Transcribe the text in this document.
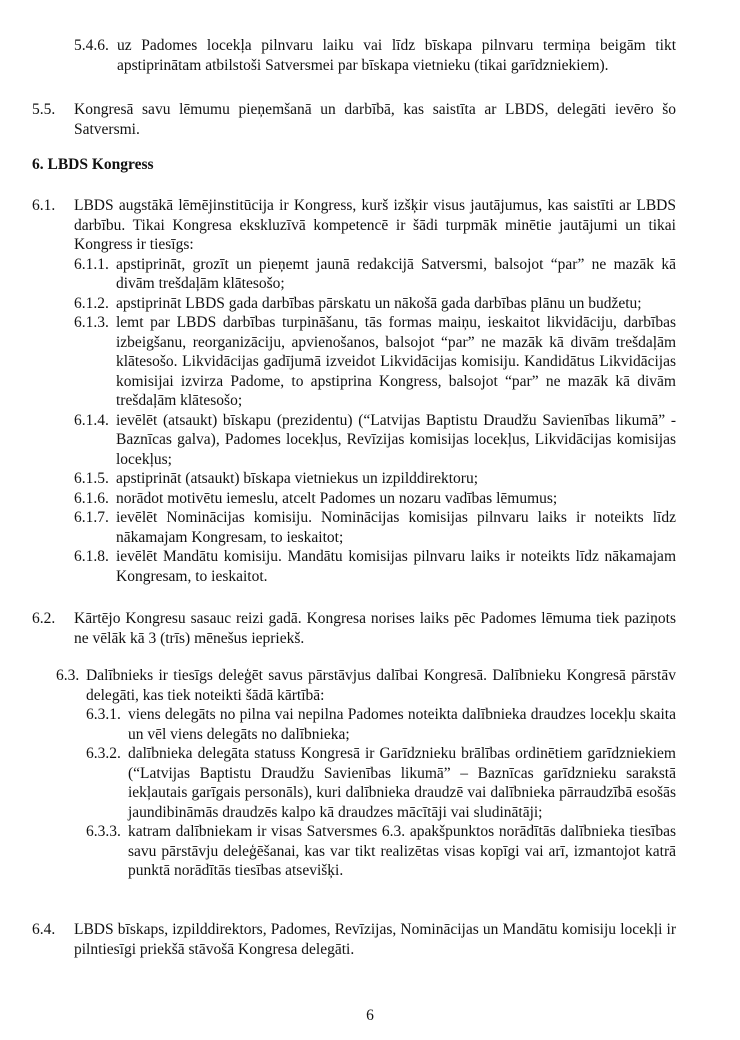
5.4.6. uz Padomes locekļa pilnvaru laiku vai līdz bīskapa pilnvaru termiņa beigām tikt apstiprinātam atbilstoši Satversmei par bīskapa vietnieku (tikai garīdzniekiem).
5.5. Kongresā savu lēmumu pieņemšanā un darbībā, kas saistīta ar LBDS, delegāti ievēro šo Satversmi.
6. LBDS Kongress
6.1. LBDS augstākā lēmējinstitūcija ir Kongress, kurš izšķir visus jautājumus, kas saistīti ar LBDS darbību. Tikai Kongresa ekskluzīvā kompetencē ir šādi turpmāk minētie jautājumi un tikai Kongress ir tiesīgs:
6.1.1. apstiprināt, grozīt un pieņemt jaunā redakcijā Satversmi, balsojot “par” ne mazāk kā divām trešdaļām klātesošo;
6.1.2. apstiprināt LBDS gada darbības pārskatu un nākošā gada darbības plānu un budžetu;
6.1.3. lemt par LBDS darbības turpināšanu, tās formas maiņu, ieskaitot likvidāciju, darbības izbeigšanu, reorganizāciju, apvienošanos, balsojot “par” ne mazāk kā divām trešdaļām klātesošo. Likvidācijas gadījumā izveidot Likvidācijas komisiju. Kandidātus Likvidācijas komisijai izvirza Padome, to apstiprina Kongress, balsojot “par” ne mazāk kā divām trešdaļām klātesošo;
6.1.4. ievēlēt (atsaukt) bīskapu (prezidentu) (“Latvijas Baptistu Draudžu Savienības likumā” - Baznīcas galva), Padomes locekļus, Revīzijas komisijas locekļus, Likvidācijas komisijas locekļus;
6.1.5. apstiprināt (atsaukt) bīskapa vietniekus un izpilddirektoru;
6.1.6. norādot motivētu iemeslu, atcelt Padomes un nozaru vadības lēmumus;
6.1.7. ievēlēt Nominācijas komisiju. Nominācijas komisijas pilnvaru laiks ir noteikts līdz nākamajam Kongresam, to ieskaitot;
6.1.8. ievēlēt Mandātu komisiju. Mandātu komisijas pilnvaru laiks ir noteikts līdz nākamajam Kongresam, to ieskaitot.
6.2. Kārtējo Kongresu sasauc reizi gadā. Kongresa norises laiks pēc Padomes lēmuma tiek paziņots ne vēlāk kā 3 (trīs) mēnešus iepriekš.
6.3. Dalībnieks ir tiesīgs deleģēt savus pārstāvjus dalībai Kongresā. Dalībnieku Kongresā pārstāv delegāti, kas tiek noteikti šādā kārtībā:
6.3.1. viens delegāts no pilna vai nepilna Padomes noteikta dalībnieka draudzes locekļu skaita un vēl viens delegāts no dalībnieka;
6.3.2. dalībnieka delegāta statuss Kongresā ir Garīdznieku brālības ordinētiem garīdzniekiem (“Latvijas Baptistu Draudžu Savienības likumā” – Baznīcas garīdznieku sarakstā iekļautais garīgais personāls), kuri dalībnieka draudzē vai dalībnieka pārraudzībā esošās jaundibināmās draudzēs kalpo kā draudzes mācītāji vai sludinātāji;
6.3.3. katram dalībniekam ir visas Satversmes 6.3. apakšpunktos norādītās dalībnieka tiesības savu pārstāvju deleģēšanai, kas var tikt realizētas visas kopīgi vai arī, izmantojot katrā punktā norādītās tiesības atsevišķi.
6.4. LBDS bīskaps, izpilddirektors, Padomes, Revīzijas, Nominācijas un Mandātu komisiju locekļi ir pilntiesīgi priekšā stāvošā Kongresa delegāti.
6
